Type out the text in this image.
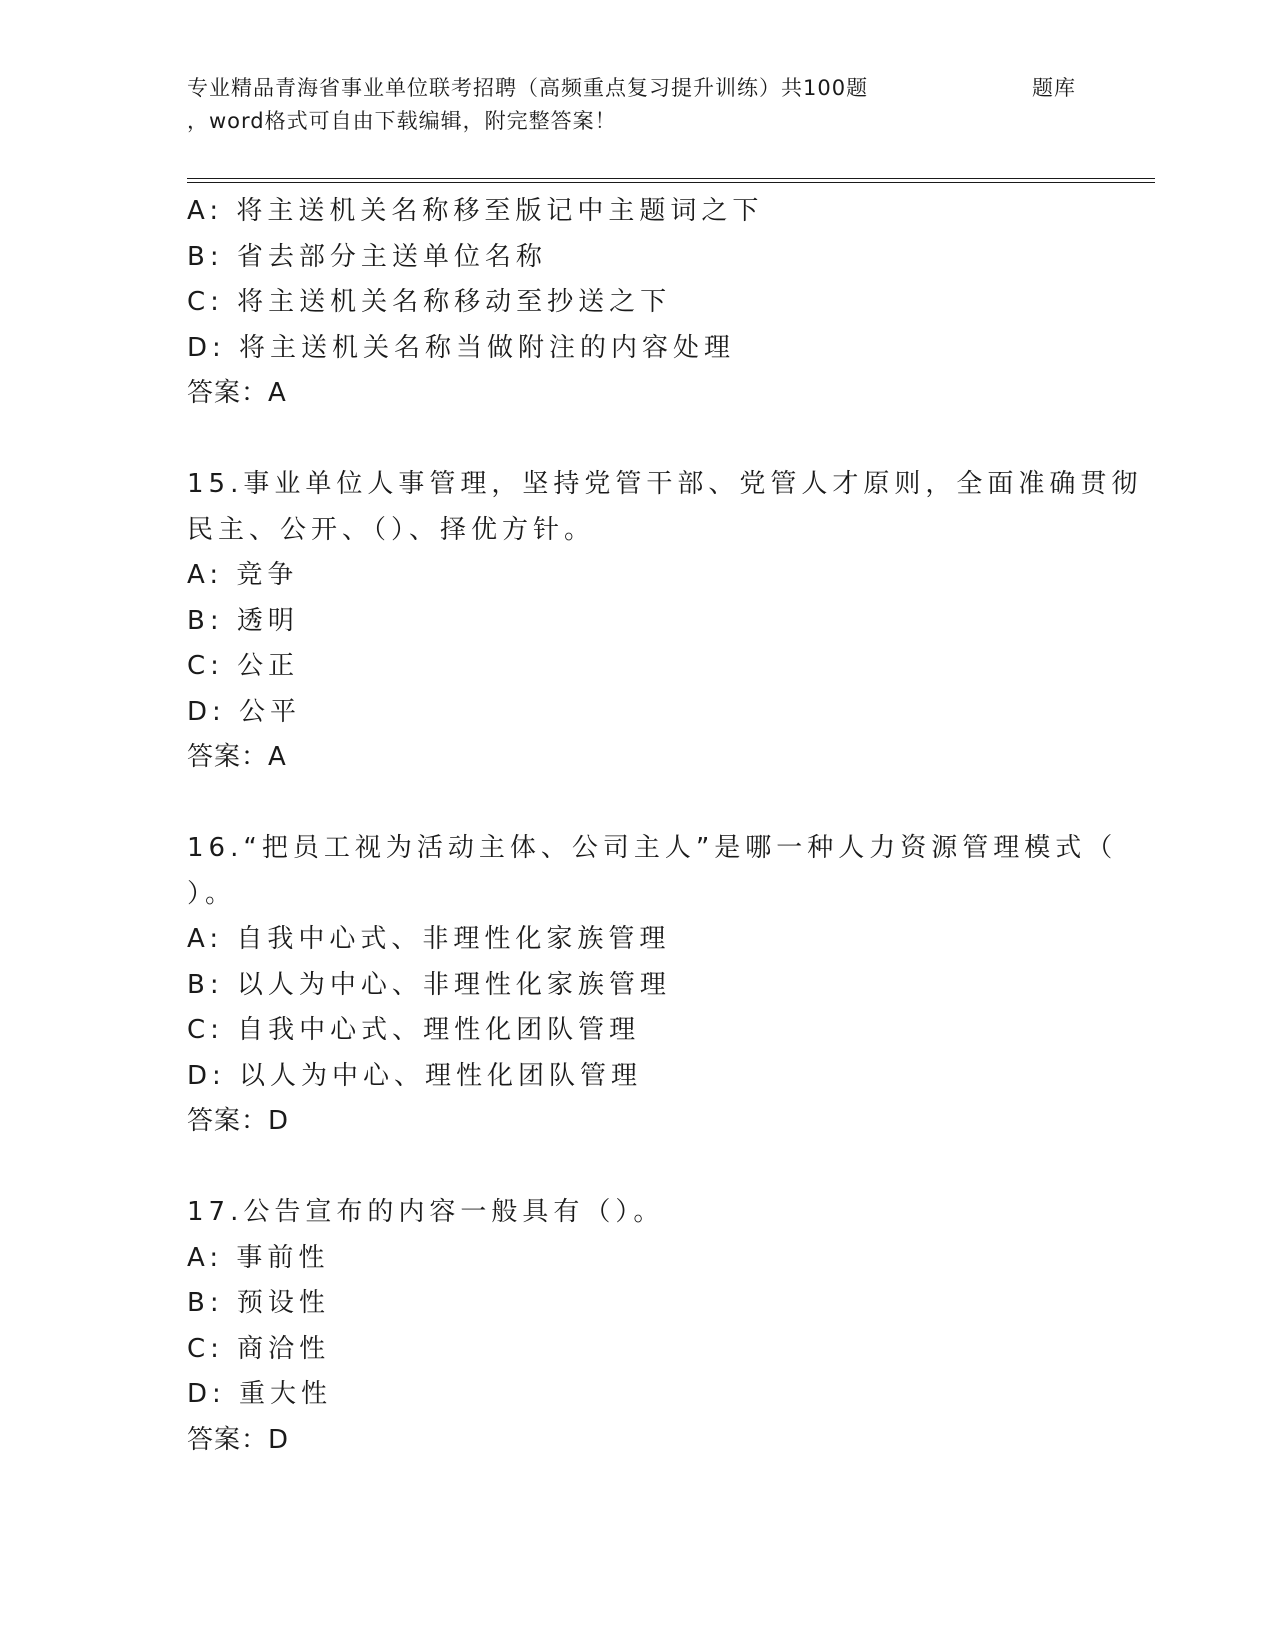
专业精品青海省事业单位联考招聘（高频重点复习提升训练）共100题	题库
，word格式可自由下载编辑，附完整答案！
A: 将主送机关名称移至版记中主题词之下
B: 省去部分主送单位名称
C: 将主送机关名称移动至抄送之下
D: 将主送机关名称当做附注的内容处理
答案：A
15.事业单位人事管理，坚持党管干部、党管人才原则，全面准确贯彻
民主、公开、（）、择优方针。
A: 竞争
B: 透明
C: 公正
D: 公平
答案：A
16.“把员工视为活动主体、公司主人”是哪一种人力资源管理模式（
）。
A: 自我中心式、非理性化家族管理
B: 以人为中心、非理性化家族管理
C: 自我中心式、理性化团队管理
D: 以人为中心、理性化团队管理
答案：D
17.公告宣布的内容一般具有（）。
A: 事前性
B: 预设性
C: 商洽性
D: 重大性
答案：D
